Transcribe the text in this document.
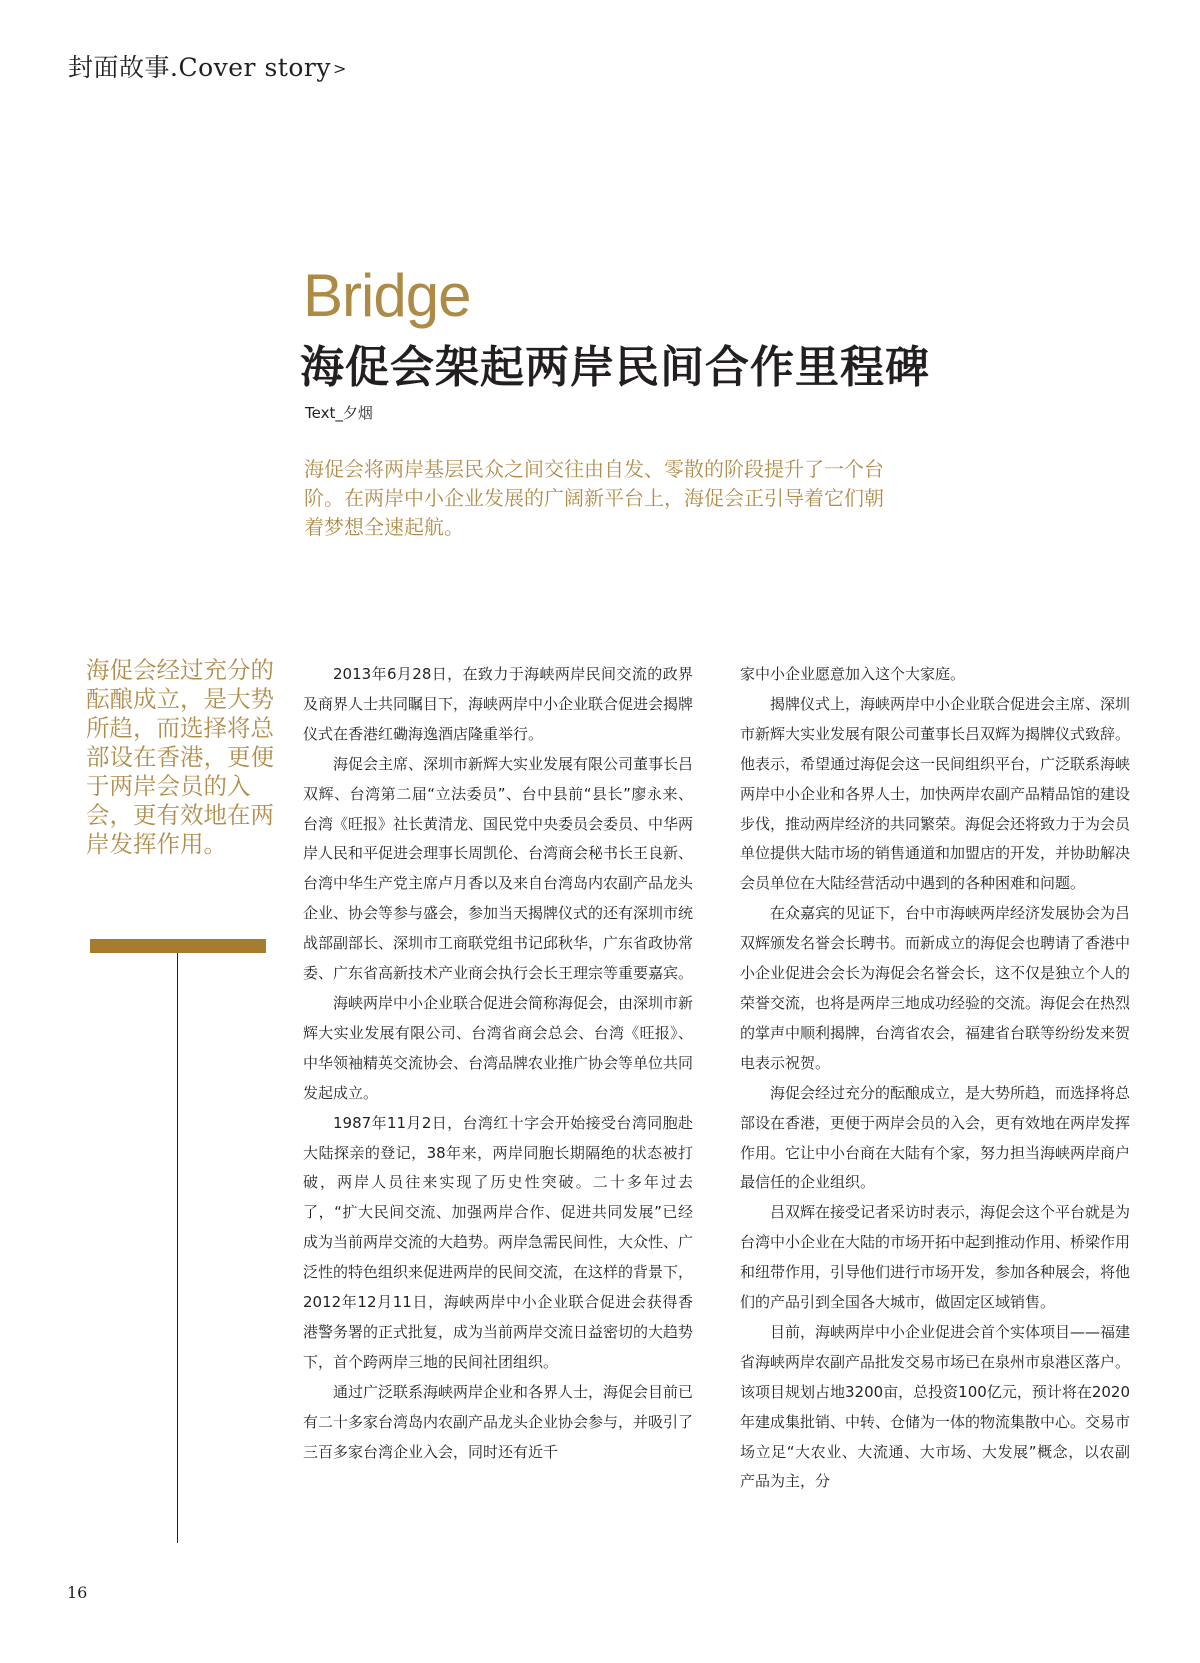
封面故事.Cover story >
Bridge
海促会架起两岸民间合作里程碑
Text_夕烟
海促会将两岸基层民众之间交往由自发、零散的阶段提升了一个台阶。在两岸中小企业发展的广阔新平台上，海促会正引导着它们朝着梦想全速起航。
海促会经过充分的酝酿成立，是大势所趋，而选择将总部设在香港，更便于两岸会员的入会，更有效地在两岸发挥作用。

2013年6月28日，在致力于海峡两岸民间交流的政界及商界人士共同瞩目下，海峡两岸中小企业联合促进会揭牌仪式在香港红磡海逸酒店隆重举行。

海促会主席、深圳市新辉大实业发展有限公司董事长吕双辉、台湾第二届“立法委员”、台中县前“县长”廖永来、台湾《旺报》社长黄清龙、国民党中央委员会委员、中华两岸人民和平促进会理事长周凯伦、台湾商会秘书长王良新、台湾中华生产党主席卢月香以及来自台湾岛内农副产品龙头企业、协会等参与盛会，参加当天揭牌仪式的还有深圳市统战部副部长、深圳市工商联党组书记邱秋华，广东省政协常委、广东省高新技术产业商会执行会长王理宗等重要嘉宾。

海峡两岸中小企业联合促进会简称海促会，由深圳市新辉大实业发展有限公司、台湾省商会总会、台湾《旺报》、中华领袖精英交流协会、台湾品牌农业推广协会等单位共同发起成立。

1987年11月2日，台湾红十字会开始接受台湾同胞赴大陆探亲的登记，38年来，两岸同胞长期隔绝的状态被打破，两岸人员往来实现了历史性突破。二十多年过去了，“扩大民间交流、加强两岸合作、促进共同发展”已经成为当前两岸交流的大趋势。两岸急需民间性，大众性、广泛性的特色组织来促进两岸的民间交流，在这样的背景下，2012年12月11日，海峡两岸中小企业联合促进会获得香港警务署的正式批复，成为当前两岸交流日益密切的大趋势下，首个跨两岸三地的民间社团组织。

通过广泛联系海峡两岸企业和各界人士，海促会目前已有二十多家台湾岛内农副产品龙头企业协会参与，并吸引了三百多家台湾企业入会，同时还有近千

家中小企业愿意加入这个大家庭。

揭牌仪式上，海峡两岸中小企业联合促进会主席、深圳市新辉大实业发展有限公司董事长吕双辉为揭牌仪式致辞。他表示，希望通过海促会这一民间组织平台，广泛联系海峡两岸中小企业和各界人士，加快两岸农副产品精品馆的建设步伐，推动两岸经济的共同繁荣。海促会还将致力于为会员单位提供大陆市场的销售通道和加盟店的开发，并协助解决会员单位在大陆经营活动中遇到的各种困难和问题。

在众嘉宾的见证下，台中市海峡两岸经济发展协会为吕双辉颁发名誉会长聘书。而新成立的海促会也聘请了香港中小企业促进会会长为海促会名誉会长，这不仅是独立个人的荣誉交流，也将是两岸三地成功经验的交流。海促会在热烈的掌声中顺利揭牌，台湾省农会，福建省台联等纷纷发来贺电表示祝贺。

海促会经过充分的酝酿成立，是大势所趋，而选择将总部设在香港，更便于两岸会员的入会，更有效地在两岸发挥作用。它让中小台商在大陆有个家，努力担当海峡两岸商户最信任的企业组织。

吕双辉在接受记者采访时表示，海促会这个平台就是为台湾中小企业在大陆的市场开拓中起到推动作用、桥梁作用和纽带作用，引导他们进行市场开发，参加各种展会，将他们的产品引到全国各大城市，做固定区域销售。

目前，海峡两岸中小企业促进会首个实体项目——福建省海峡两岸农副产品批发交易市场已在泉州市泉港区落户。该项目规划占地3200亩，总投资100亿元，预计将在2020年建成集批销、中转、仓储为一体的物流集散中心。交易市场立足“大农业、大流通、大市场、大发展”概念，以农副产品为主，分

16
